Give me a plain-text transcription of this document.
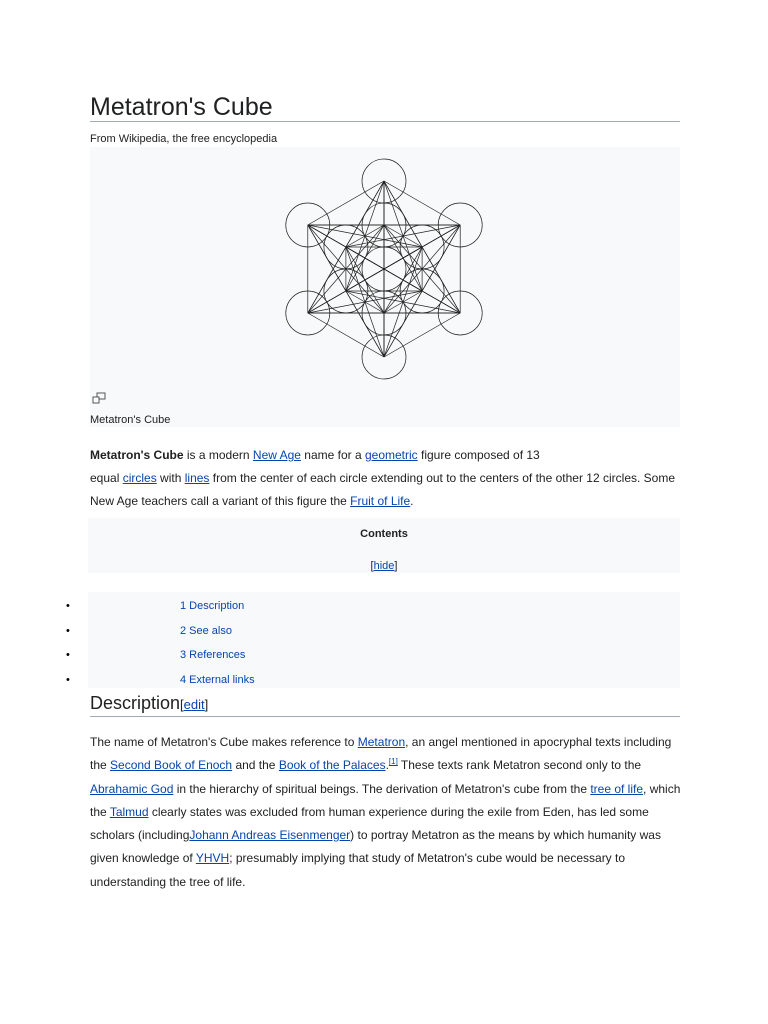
Metatron's Cube
From Wikipedia, the free encyclopedia
Metatron's Cube

Metatron's Cube is a modern New Age name for a geometric figure composed of 13
equal circles with lines from the center of each circle extending out to the centers of the other 12 circles. Some New Age teachers call a variant of this figure the Fruit of Life.

Contents
[hide]
•	1 Description
•	2 See also
•	3 References
•	4 External links
Description[edit]

The name of Metatron's Cube makes reference to Metatron, an angel mentioned in apocryphal texts including the Second Book of Enoch and the Book of the Palaces.[1] These texts rank Metatron second only to the Abrahamic God in the hierarchy of spiritual beings. The derivation of Metatron's cube from the tree of life, which the Talmud clearly states was excluded from human experience during the exile from Eden, has led some scholars (includingJohann Andreas Eisenmenger) to portray Metatron as the means by which humanity was given knowledge of YHVH; presumably implying that study of Metatron's cube would be necessary to understanding the tree of life.
